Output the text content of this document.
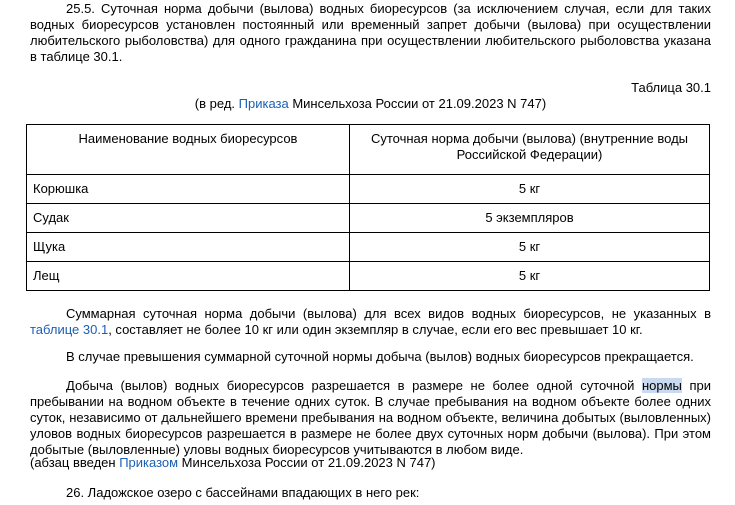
25.5. Суточная норма добычи (вылова) водных биоресурсов (за исключением случая, если для таких водных биоресурсов установлен постоянный или временный запрет добычи (вылова) при осуществлении любительского рыболовства) для одного гражданина при осуществлении любительского рыболовства указана в таблице 30.1.

Таблица 30.1

(в ред. Приказа Минсельхоза России от 21.09.2023 N 747)

Наименование водных биоресурсов	Суточная норма добычи (вылова) (внутренние воды Российской Федерации)
Корюшка	5 кг
Судак	5 экземпляров
Щука	5 кг
Лещ	5 кг

Суммарная суточная норма добычи (вылова) для всех видов водных биоресурсов, не указанных в таблице 30.1, составляет не более 10 кг или один экземпляр в случае, если его вес превышает 10 кг.

В случае превышения суммарной суточной нормы добыча (вылов) водных биоресурсов прекращается.

Добыча (вылов) водных биоресурсов разрешается в размере не более одной суточной нормы при пребывании на водном объекте в течение одних суток. В случае пребывания на водном объекте более одних суток, независимо от дальнейшего времени пребывания на водном объекте, величина добытых (выловленных) уловов водных биоресурсов разрешается в размере не более двух суточных норм добычи (вылова). При этом добытые (выловленные) уловы водных биоресурсов учитываются в любом виде.

(абзац введен Приказом Минсельхоза России от 21.09.2023 N 747)

26. Ладожское озеро с бассейнами впадающих в него рек:
